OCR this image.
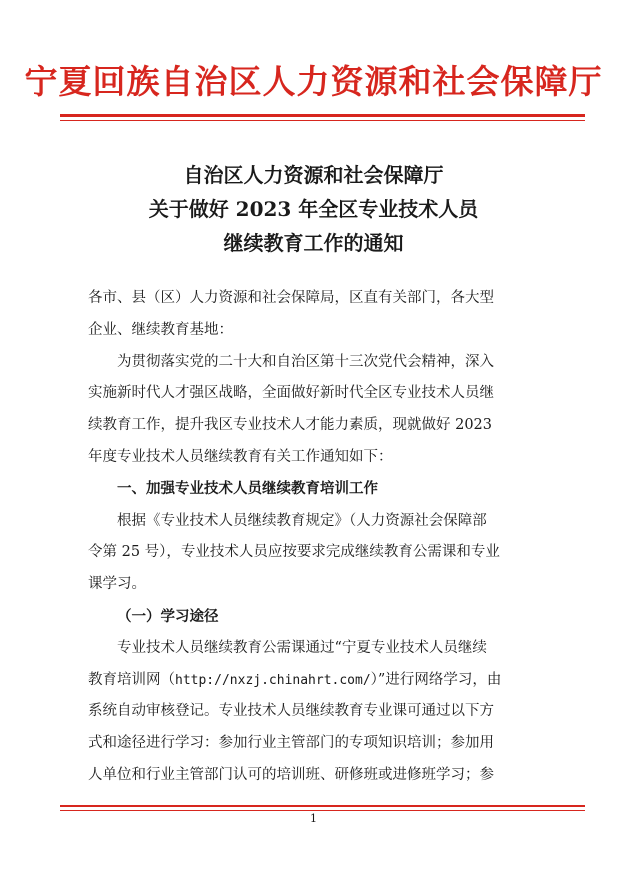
宁夏回族自治区人力资源和社会保障厅
自治区人力资源和社会保障厅
关于做好 2023 年全区专业技术人员
继续教育工作的通知

各市、县（区）人力资源和社会保障局，区直有关部门，各大型

企业、继续教育基地：

为贯彻落实党的二十大和自治区第十三次党代会精神，深入

实施新时代人才强区战略，全面做好新时代全区专业技术人员继

续教育工作，提升我区专业技术人才能力素质，现就做好 2023

年度专业技术人员继续教育有关工作通知如下：

一、加强专业技术人员继续教育培训工作

根据《专业技术人员继续教育规定》（人力资源社会保障部

令第 25 号），专业技术人员应按要求完成继续教育公需课和专业

课学习。

（一）学习途径

专业技术人员继续教育公需课通过“宁夏专业技术人员继续

教育培训网（http://nxzj.chinahrt.com/）”进行网络学习，由

系统自动审核登记。专业技术人员继续教育专业课可通过以下方

式和途径进行学习：参加行业主管部门的专项知识培训；参加用

人单位和行业主管部门认可的培训班、研修班或进修班学习；参

1
